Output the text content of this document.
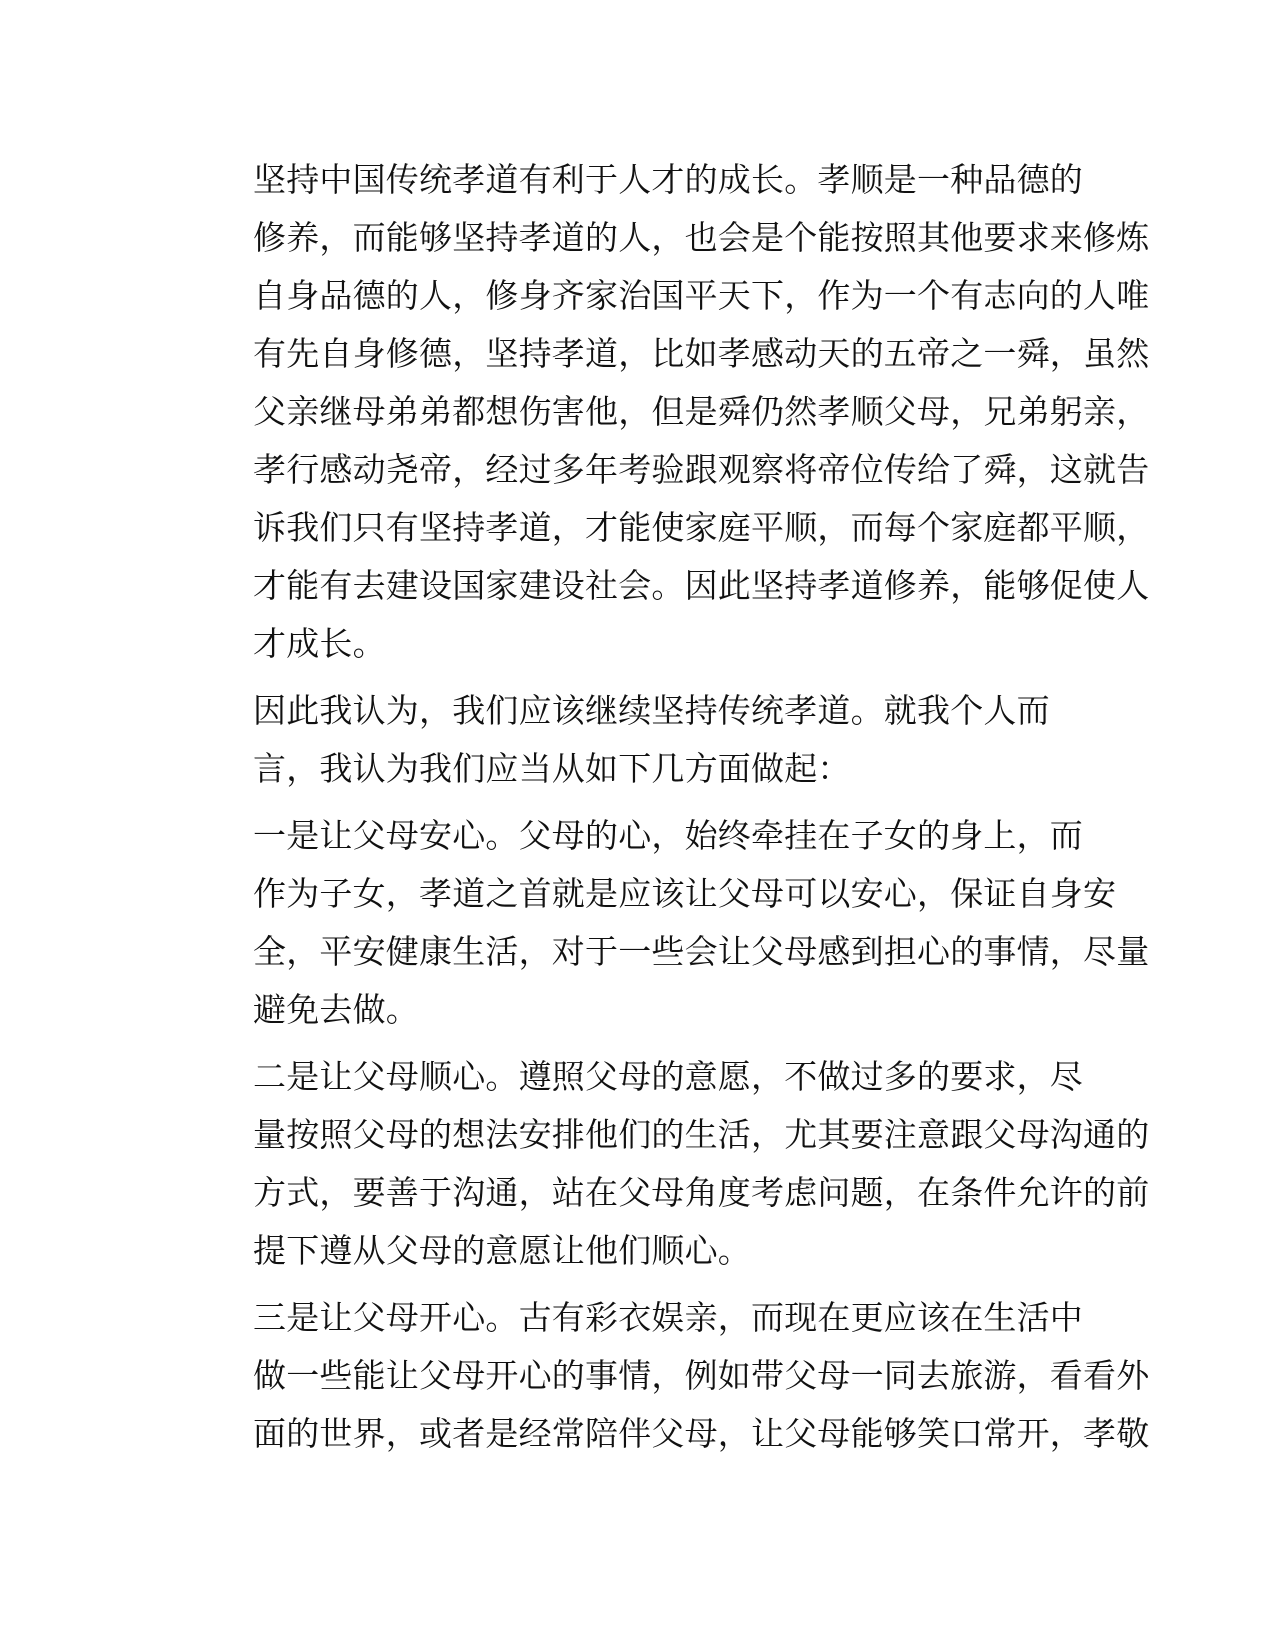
坚持中国传统孝道有利于人才的成长。孝顺是一种品德的
修养，而能够坚持孝道的人，也会是个能按照其他要求来修炼
自身品德的人，修身齐家治国平天下，作为一个有志向的人唯
有先自身修德，坚持孝道，比如孝感动天的五帝之一舜，虽然
父亲继母弟弟都想伤害他，但是舜仍然孝顺父母，兄弟躬亲，
孝行感动尧帝，经过多年考验跟观察将帝位传给了舜，这就告
诉我们只有坚持孝道，才能使家庭平顺，而每个家庭都平顺，
才能有去建设国家建设社会。因此坚持孝道修养，能够促使人
才成长。

因此我认为，我们应该继续坚持传统孝道。就我个人而
言，我认为我们应当从如下几方面做起：

一是让父母安心。父母的心，始终牵挂在子女的身上，而
作为子女，孝道之首就是应该让父母可以安心，保证自身安
全，平安健康生活，对于一些会让父母感到担心的事情，尽量
避免去做。

二是让父母顺心。遵照父母的意愿，不做过多的要求，尽
量按照父母的想法安排他们的生活，尤其要注意跟父母沟通的
方式，要善于沟通，站在父母角度考虑问题，在条件允许的前
提下遵从父母的意愿让他们顺心。

三是让父母开心。古有彩衣娱亲，而现在更应该在生活中
做一些能让父母开心的事情，例如带父母一同去旅游，看看外
面的世界，或者是经常陪伴父母，让父母能够笑口常开，孝敬
